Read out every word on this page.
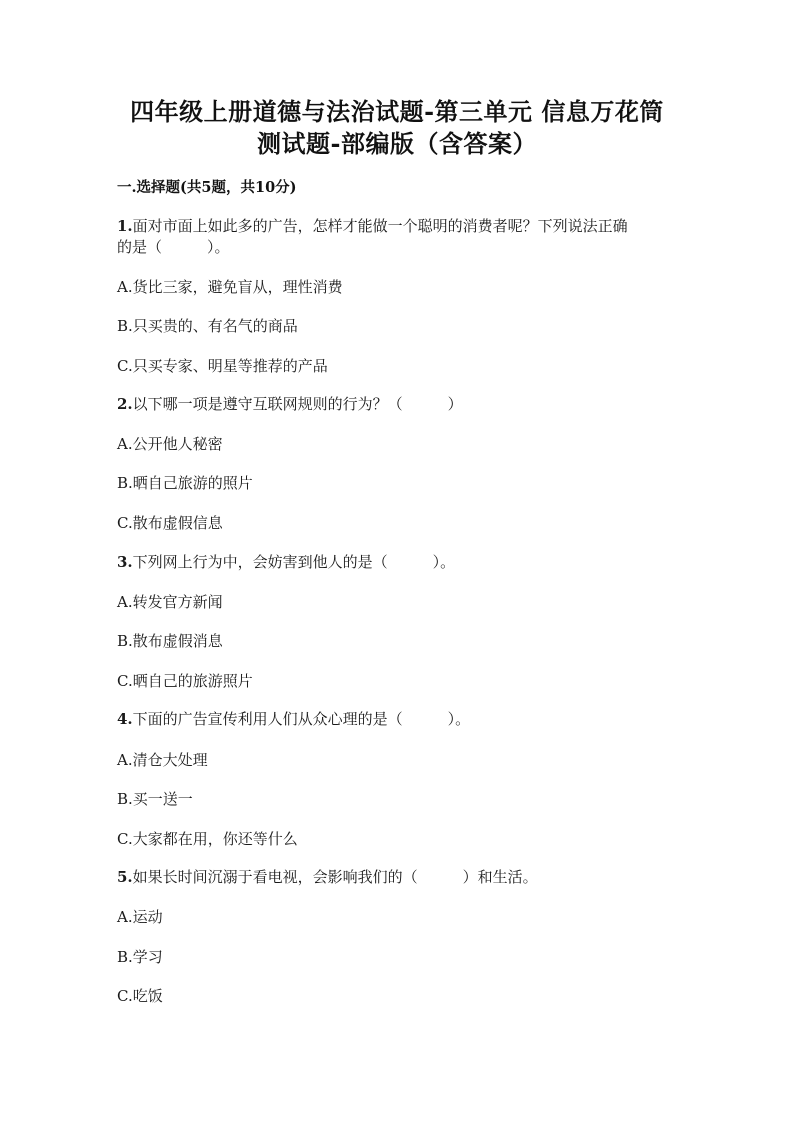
四年级上册道德与法治试题-第三单元 信息万花筒
测试题-部编版（含答案）
一.选择题(共5题，共10分)
1.面对市面上如此多的广告，怎样才能做一个聪明的消费者呢？下列说法正确
的是（　　　）。
A.货比三家，避免盲从，理性消费
B.只买贵的、有名气的商品
C.只买专家、明星等推荐的产品
2.以下哪一项是遵守互联网规则的行为？（　　　）
A.公开他人秘密
B.晒自己旅游的照片
C.散布虚假信息
3.下列网上行为中，会妨害到他人的是（　　　）。
A.转发官方新闻
B.散布虚假消息
C.晒自己的旅游照片
4.下面的广告宣传利用人们从众心理的是（　　　）。
A.清仓大处理
B.买一送一
C.大家都在用，你还等什么
5.如果长时间沉溺于看电视，会影响我们的（　　　）和生活。
A.运动
B.学习
C.吃饭
